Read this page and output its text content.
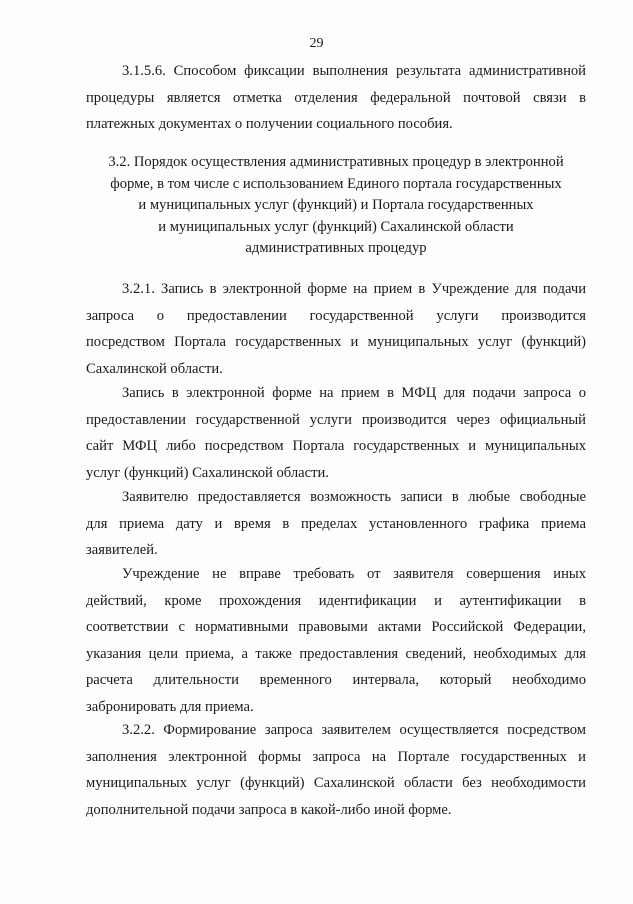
29
3.1.5.6. Способом фиксации выполнения результата административной
процедуры является отметка отделения федеральной почтовой связи в
платежных документах о получении социального пособия.
3.2. Порядок осуществления административных процедур в электронной
форме, в том числе с использованием Единого портала государственных
и муниципальных услуг (функций) и Портала государственных
и муниципальных услуг (функций) Сахалинской области
административных процедур
3.2.1. Запись в электронной форме на прием в Учреждение для подачи
запроса о предоставлении государственной услуги производится
посредством Портала государственных и муниципальных услуг (функций)
Сахалинской области.
Запись в электронной форме на прием в МФЦ для подачи запроса о
предоставлении государственной услуги производится через официальный
сайт МФЦ либо посредством Портала государственных и муниципальных
услуг (функций) Сахалинской области.
Заявителю предоставляется возможность записи в любые свободные
для приема дату и время в пределах установленного графика приема
заявителей.
Учреждение не вправе требовать от заявителя совершения иных
действий, кроме прохождения идентификации и аутентификации в
соответствии с нормативными правовыми актами Российской Федерации,
указания цели приема, а также предоставления сведений, необходимых для
расчета длительности временного интервала, который необходимо
забронировать для приема.
3.2.2. Формирование запроса заявителем осуществляется посредством
заполнения электронной формы запроса на Портале государственных и
муниципальных услуг (функций) Сахалинской области без необходимости
дополнительной подачи запроса в какой-либо иной форме.
